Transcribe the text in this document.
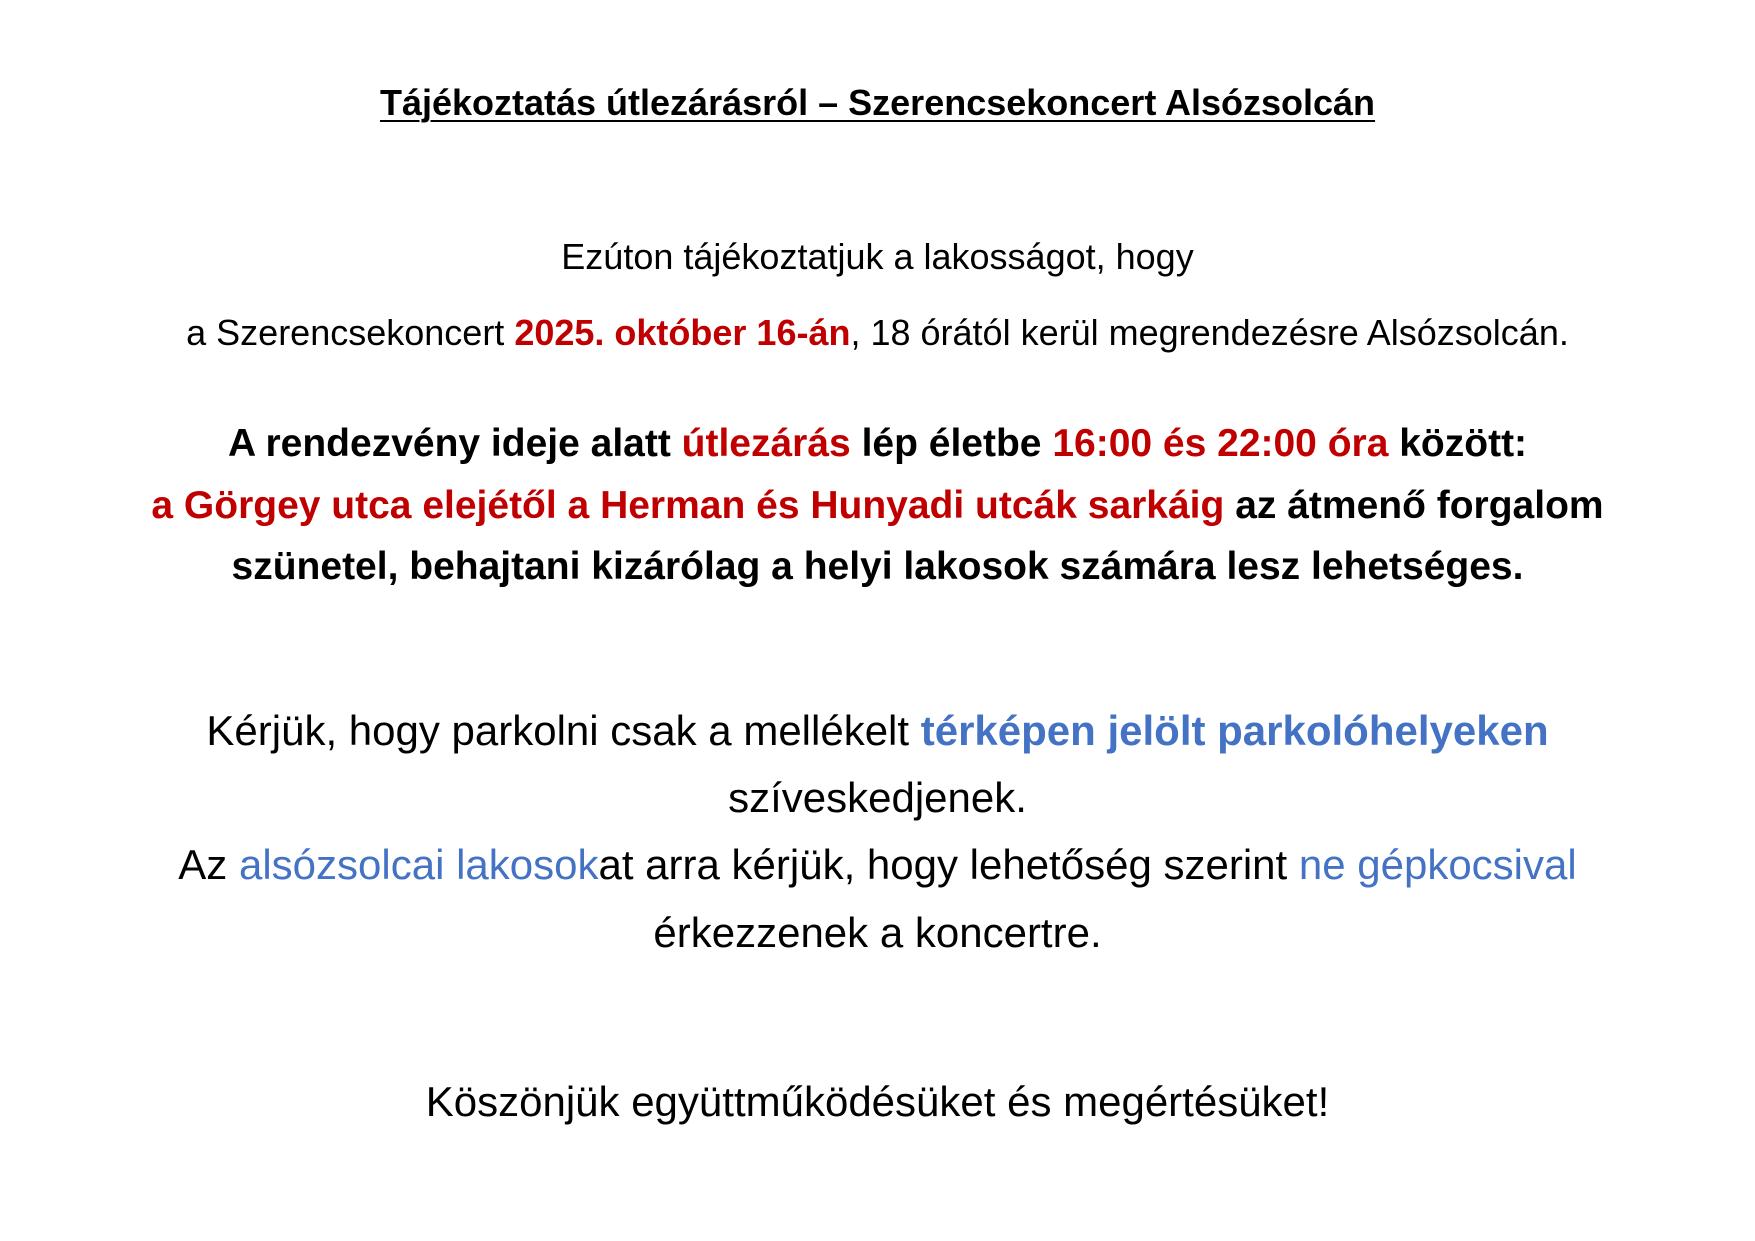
Tájékoztatás útlezárásról – Szerencsekoncert Alsózsolcán
Ezúton tájékoztatjuk a lakosságot, hogy
a Szerencsekoncert 2025. október 16-án, 18 órától kerül megrendezésre Alsózsolcán.
A rendezvény ideje alatt útlezárás lép életbe 16:00 és 22:00 óra között:
a Görgey utca elejétől a Herman és Hunyadi utcák sarkáig az átmenő forgalom
szünetel, behajtani kizárólag a helyi lakosok számára lesz lehetséges.
Kérjük, hogy parkolni csak a mellékelt térképen jelölt parkolóhelyeken
szíveskedjenek.
Az alsózsolcai lakosokat arra kérjük, hogy lehetőség szerint ne gépkocsival
érkezzenek a koncertre.
Köszönjük együttműködésüket és megértésüket!
